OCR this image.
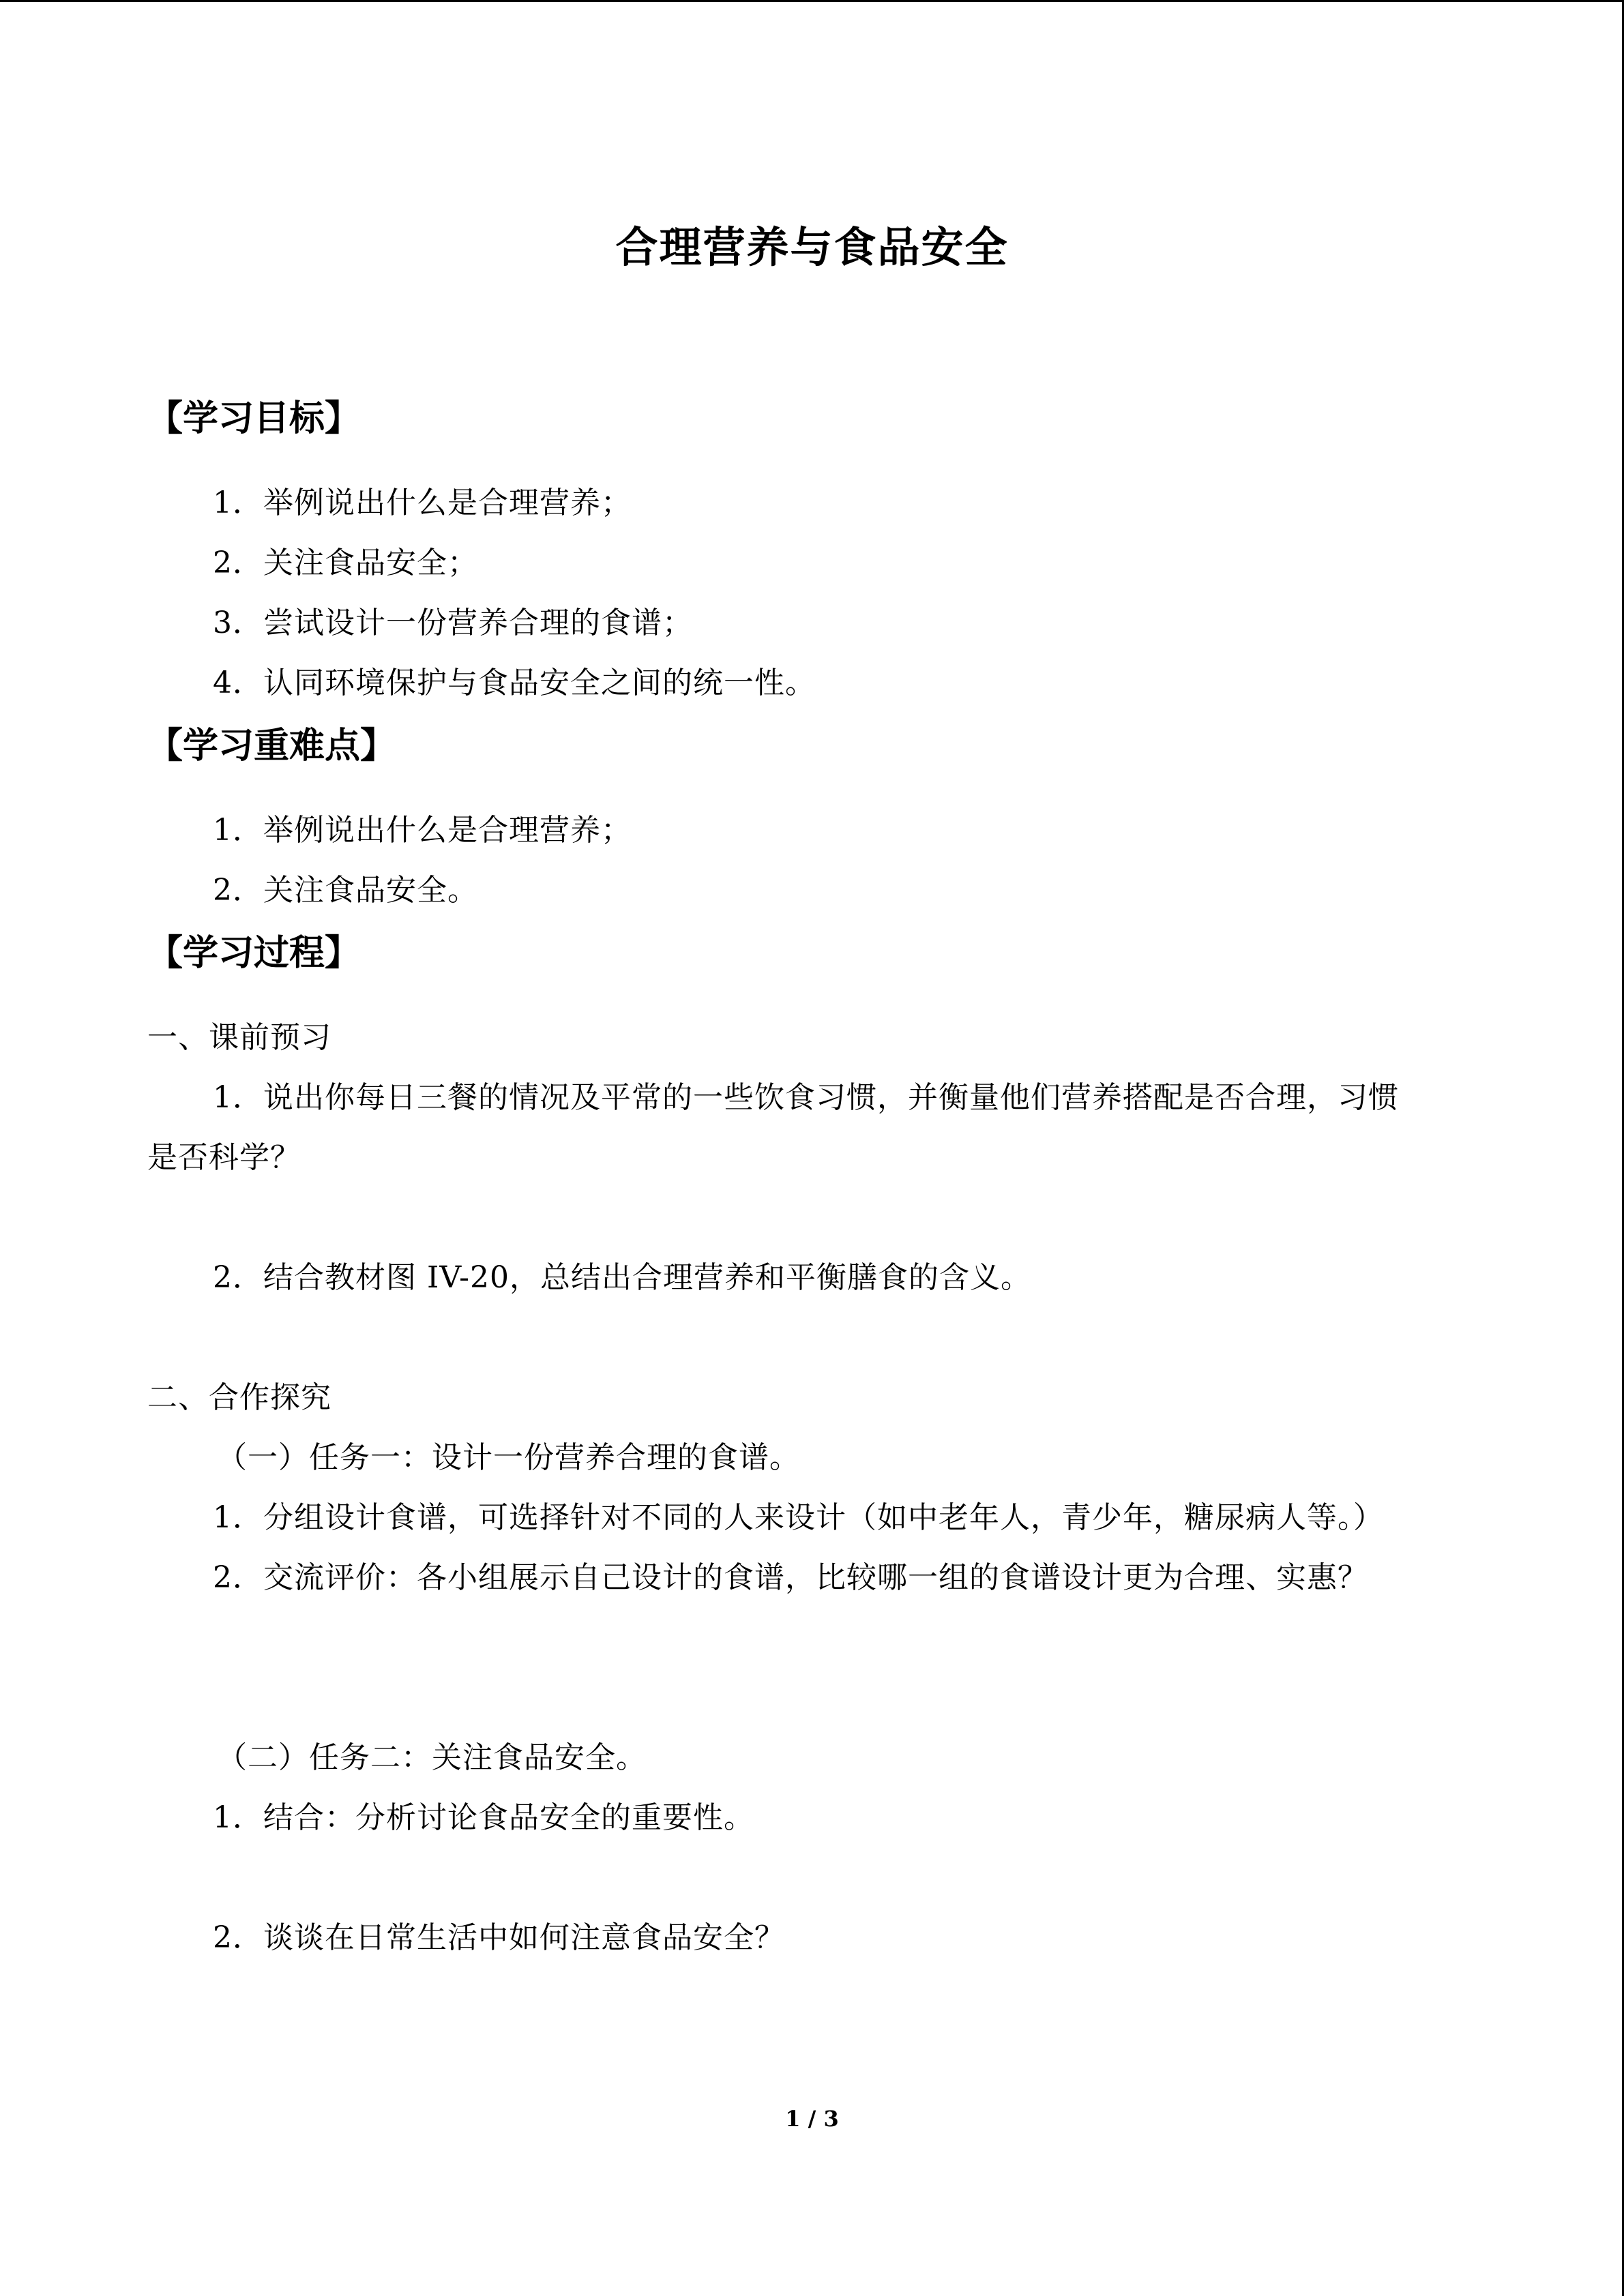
合理营养与食品安全
【学习目标】
1．举例说出什么是合理营养；
2．关注食品安全；
3．尝试设计一份营养合理的食谱；
4．认同环境保护与食品安全之间的统一性。
【学习重难点】
1．举例说出什么是合理营养；
2．关注食品安全。
【学习过程】
一、课前预习
1．说出你每日三餐的情况及平常的一些饮食习惯，并衡量他们营养搭配是否合理，习惯
是否科学？
2．结合教材图 IV-20，总结出合理营养和平衡膳食的含义。
二、合作探究
（一）任务一：设计一份营养合理的食谱。
1．分组设计食谱，可选择针对不同的人来设计（如中老年人，青少年，糖尿病人等。）
2．交流评价：各小组展示自己设计的食谱，比较哪一组的食谱设计更为合理、实惠？
（二）任务二：关注食品安全。
1．结合：分析讨论食品安全的重要性。
2．谈谈在日常生活中如何注意食品安全？
1 / 3
